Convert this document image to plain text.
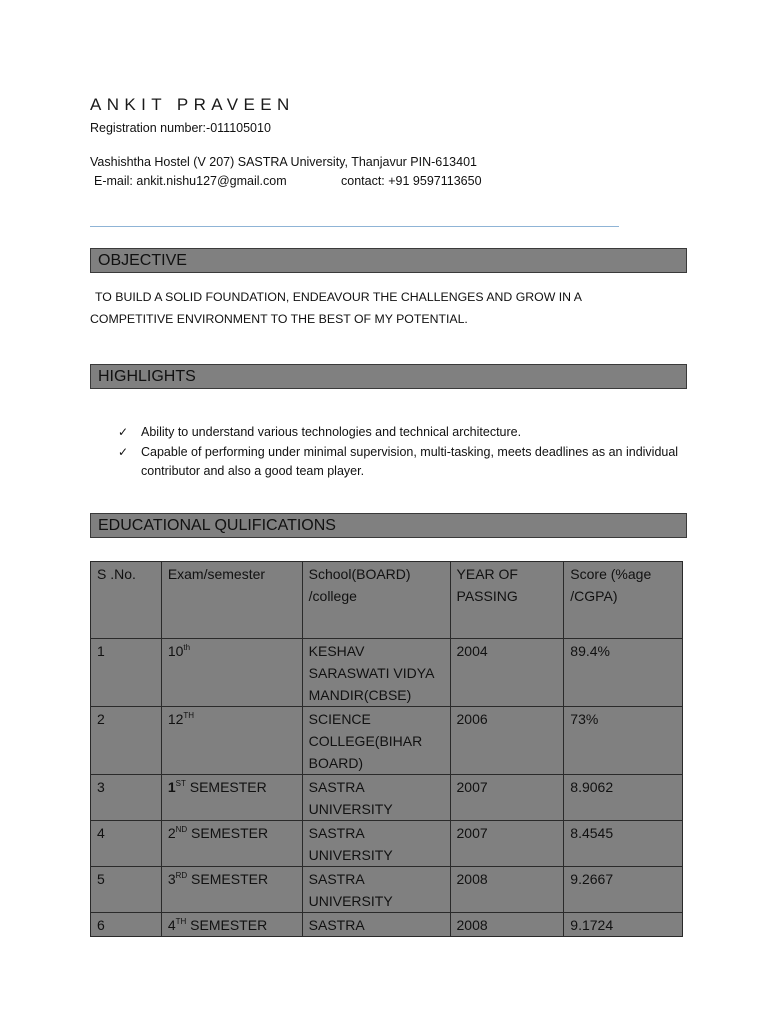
ANKIT PRAVEEN
Registration number:-011105010
Vashishtha Hostel (V 207) SASTRA University, Thanjavur PIN-613401
E-mail: ankit.nishu127@gmail.com	contact: +91 9597113650
OBJECTIVE
TO BUILD A SOLID FOUNDATION, ENDEAVOUR THE CHALLENGES AND GROW IN A
COMPETITIVE ENVIRONMENT TO THE BEST OF MY POTENTIAL.
HIGHLIGHTS
✓	Ability to understand various technologies and technical architecture.
✓	Capable of performing under minimal supervision, multi-tasking, meets deadlines as an individual contributor and also a good team player.
EDUCATIONAL QULIFICATIONS
S .No.	Exam/semester	School(BOARD) /college	YEAR OF PASSING	Score (%age /CGPA)
1	10th	KESHAV SARASWATI VIDYA MANDIR(CBSE)	2004	89.4%
2	12TH	SCIENCE COLLEGE(BIHAR BOARD)	2006	73%
3	1ST SEMESTER	SASTRA UNIVERSITY	2007	8.9062
4	2ND SEMESTER	SASTRA UNIVERSITY	2007	8.4545
5	3RD SEMESTER	SASTRA UNIVERSITY	2008	9.2667
6	4TH SEMESTER	SASTRA	2008	9.1724
